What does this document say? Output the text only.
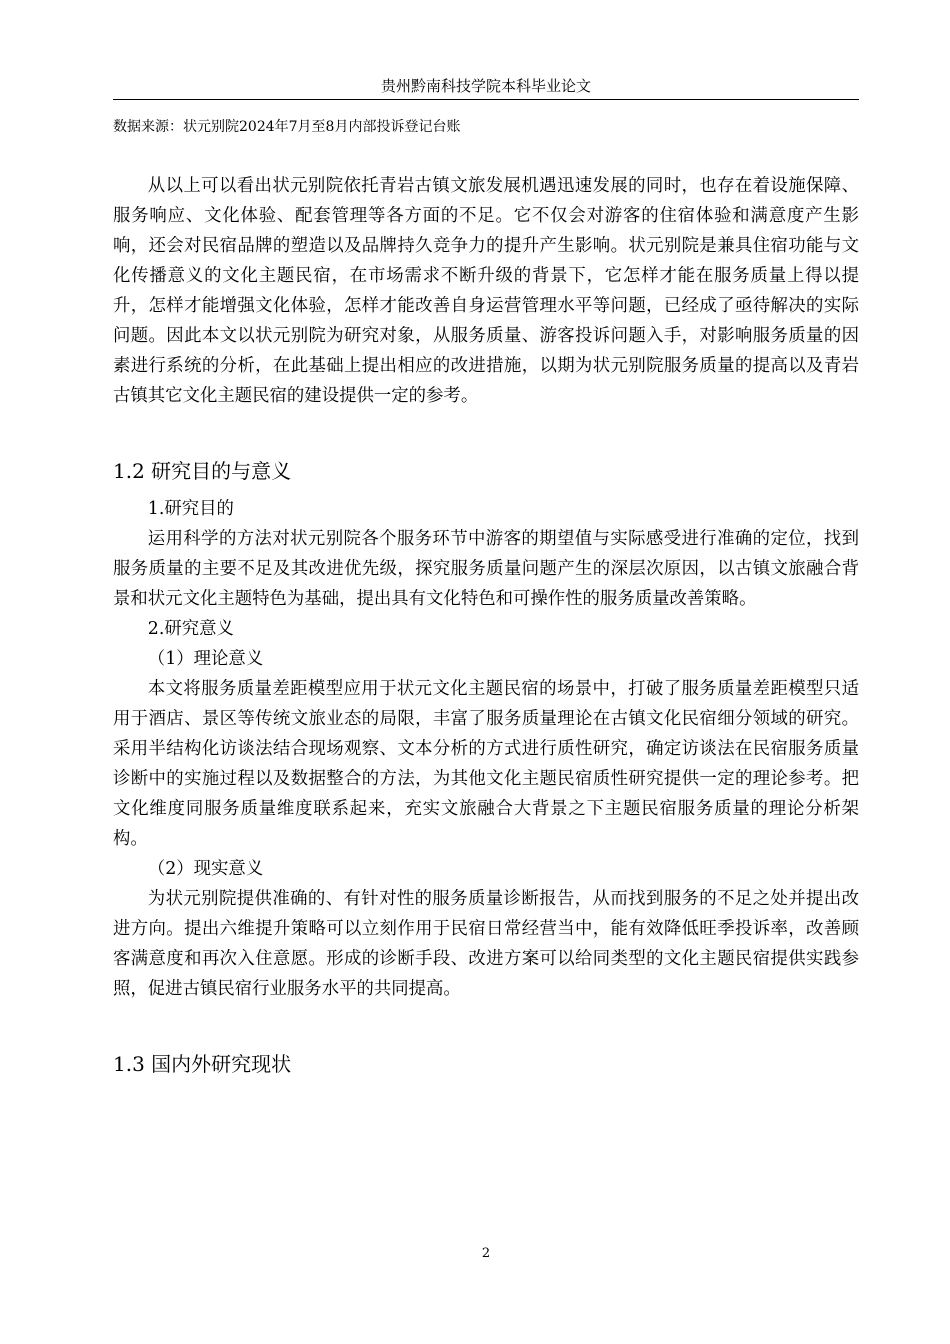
贵州黔南科技学院本科毕业论文
数据来源：状元别院2024年7月至8月内部投诉登记台账

从以上可以看出状元别院依托青岩古镇文旅发展机遇迅速发展的同时，也存在着设施保障、服务响应、文化体验、配套管理等各方面的不足。它不仅会对游客的住宿体验和满意度产生影响，还会对民宿品牌的塑造以及品牌持久竞争力的提升产生影响。状元别院是兼具住宿功能与文化传播意义的文化主题民宿，在市场需求不断升级的背景下，它怎样才能在服务质量上得以提升，怎样才能增强文化体验，怎样才能改善自身运营管理水平等问题，已经成了亟待解决的实际问题。因此本文以状元别院为研究对象，从服务质量、游客投诉问题入手，对影响服务质量的因素进行系统的分析，在此基础上提出相应的改进措施，以期为状元别院服务质量的提高以及青岩古镇其它文化主题民宿的建设提供一定的参考。

1.2 研究目的与意义
1.研究目的

运用科学的方法对状元别院各个服务环节中游客的期望值与实际感受进行准确的定位，找到服务质量的主要不足及其改进优先级，探究服务质量问题产生的深层次原因，以古镇文旅融合背景和状元文化主题特色为基础，提出具有文化特色和可操作性的服务质量改善策略。

2.研究意义
（1）理论意义

本文将服务质量差距模型应用于状元文化主题民宿的场景中，打破了服务质量差距模型只适用于酒店、景区等传统文旅业态的局限，丰富了服务质量理论在古镇文化民宿细分领域的研究。采用半结构化访谈法结合现场观察、文本分析的方式进行质性研究，确定访谈法在民宿服务质量诊断中的实施过程以及数据整合的方法，为其他文化主题民宿质性研究提供一定的理论参考。把文化维度同服务质量维度联系起来，充实文旅融合大背景之下主题民宿服务质量的理论分析架构。

（2）现实意义

为状元别院提供准确的、有针对性的服务质量诊断报告，从而找到服务的不足之处并提出改进方向。提出六维提升策略可以立刻作用于民宿日常经营当中，能有效降低旺季投诉率，改善顾客满意度和再次入住意愿。形成的诊断手段、改进方案可以给同类型的文化主题民宿提供实践参照，促进古镇民宿行业服务水平的共同提高。

1.3 国内外研究现状
2
